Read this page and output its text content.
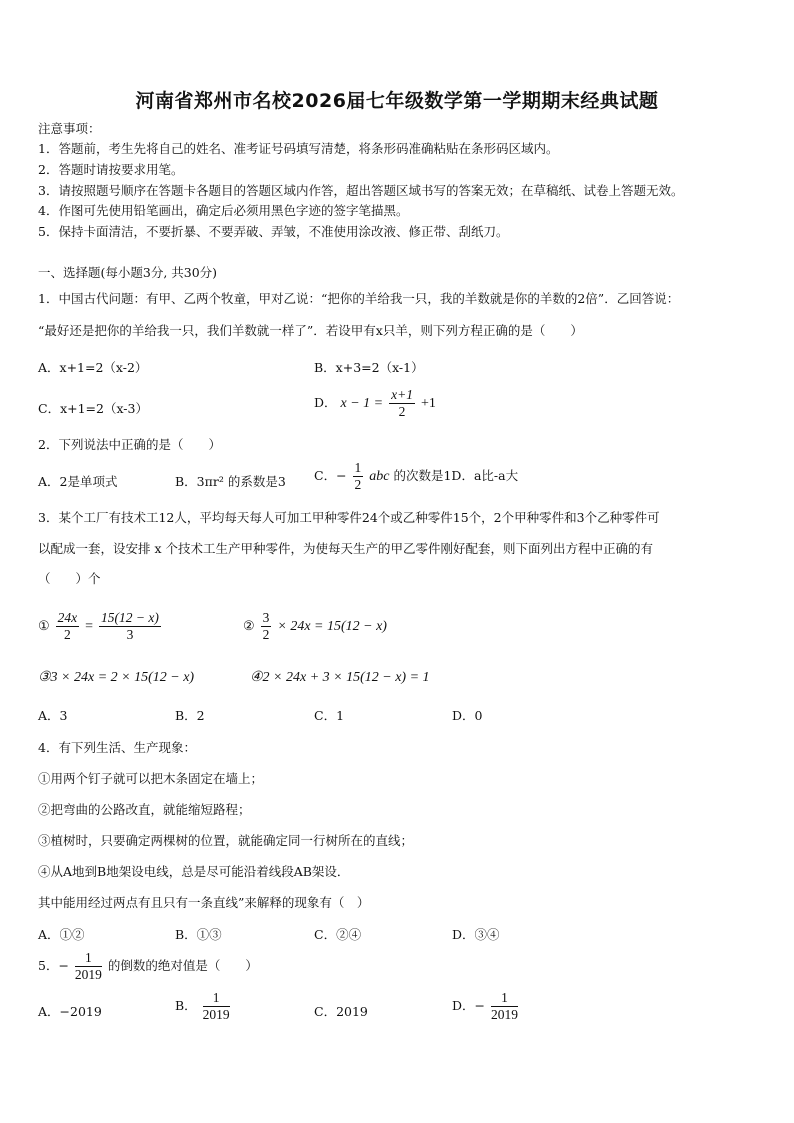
河南省郑州市名校2026届七年级数学第一学期期末经典试题
注意事项：
1．答题前，考生先将自己的姓名、准考证号码填写清楚，将条形码准确粘贴在条形码区域内。
2．答题时请按要求用笔。
3．请按照题号顺序在答题卡各题目的答题区域内作答，超出答题区域书写的答案无效；在草稿纸、试卷上答题无效。
4．作图可先使用铅笔画出，确定后必须用黑色字迹的签字笔描黑。
5．保持卡面清洁，不要折暴、不要弄破、弄皱，不准使用涂改液、修正带、刮纸刀。
一、选择题(每小题3分, 共30分)
1．中国古代问题：有甲、乙两个牧童，甲对乙说：“把你的羊给我一只，我的羊数就是你的羊数的2倍”．乙回答说：
“最好还是把你的羊给我一只，我们羊数就一样了”．若设甲有x只羊，则下列方程正确的是（　　）
A．x+1=2（x-2）	B．x+3=2（x-1）
C．x+1=2（x-3）	D． $x - 1 = \frac{x+1}{2} +1$
2．下列说法中正确的是（　　）
A．2是单项式	B．3πr² 的系数是3 C．− $\frac{1}{2}$ abc 的次数是1D．a比-a大
3．某个工厂有技术工12人，平均每天每人可加工甲种零件24个或乙种零件15个，2个甲种零件和3个乙种零件可
以配成一套，设安排 x 个技术工生产甲种零件，为使每天生产的甲乙零件刚好配套，则下面列出方程中正确的有
（　　）个
① $\frac{24x}{2} = \frac{15(12 - x)}{3}$	② $\frac{3}{2} \times 24x = 15(12 - x)$
③3 × 24x = 2 × 15(12 − x)	④2 × 24x + 3 × 15(12 − x) = 1
A．3	B．2	C．1	D．0
4．有下列生活、生产现象：
①用两个钉子就可以把木条固定在墙上；
②把弯曲的公路改直，就能缩短路程；
③植树时，只要确定两棵树的位置，就能确定同一行树所在的直线；
④从A地到B地架设电线，总是尽可能沿着线段AB架设．
其中能用经过两点有且只有一条直线”来解释的现象有（　）
A．①②	B．①③	C．②④	D．③④
5．− $\frac{1}{2019}$ 的倒数的绝对值是（　　）
A．−2019	B． $\frac{1}{2019}$	C．2019	D．− $\frac{1}{2019}$
